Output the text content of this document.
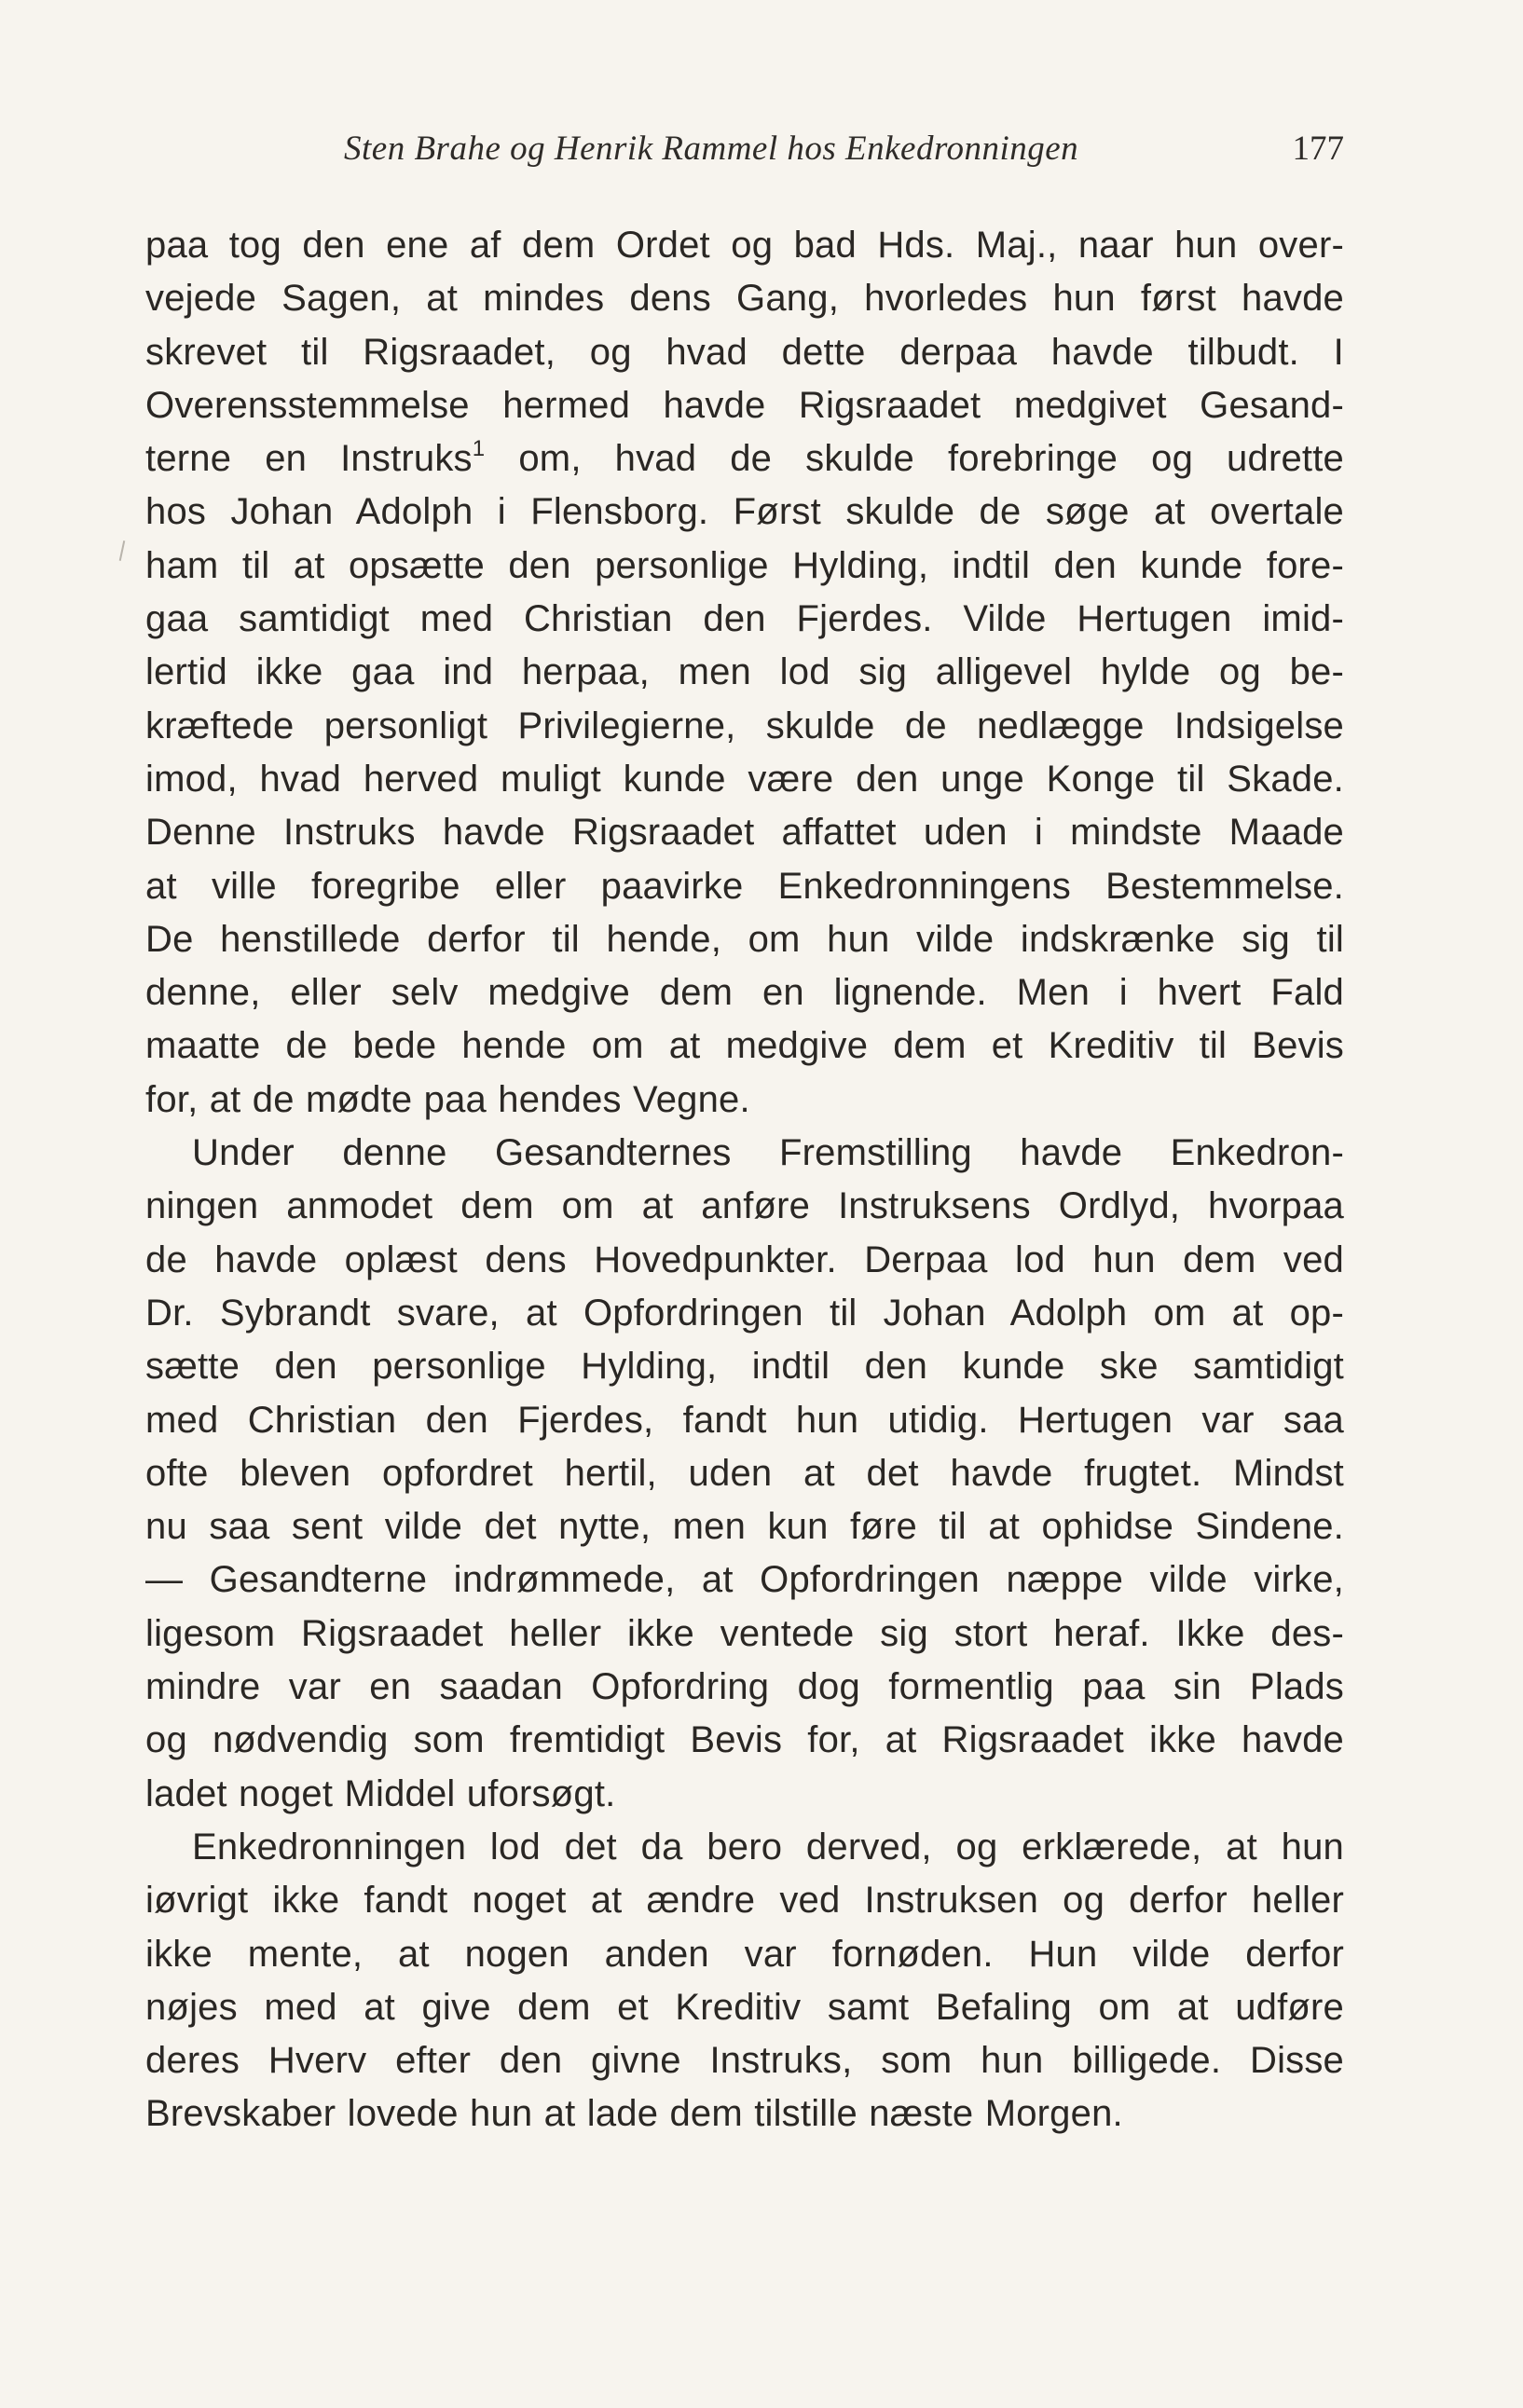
Sten Brahe og Henrik Rammel hos Enkedronningen	177
paa tog den ene af dem Ordet og bad Hds. Maj., naar hun over-
vejede Sagen, at mindes dens Gang, hvorledes hun først havde
skrevet til Rigsraadet, og hvad dette derpaa havde tilbudt. I
Overensstemmelse hermed havde Rigsraadet medgivet Gesand-
terne en Instruks$^1$ om, hvad de skulde forebringe og udrette
hos Johan Adolph i Flensborg. Først skulde de søge at overtale
ham til at opsætte den personlige Hylding, indtil den kunde fore-
gaa samtidigt med Christian den Fjerdes. Vilde Hertugen imid-
lertid ikke gaa ind herpaa, men lod sig alligevel hylde og be-
kræftede personligt Privilegierne, skulde de nedlægge Indsigelse
imod, hvad herved muligt kunde være den unge Konge til Skade.
Denne Instruks havde Rigsraadet affattet uden i mindste Maade
at ville foregribe eller paavirke Enkedronningens Bestemmelse.
De henstillede derfor til hende, om hun vilde indskrænke sig til
denne, eller selv medgive dem en lignende. Men i hvert Fald
maatte de bede hende om at medgive dem et Kreditiv til Bevis
for, at de mødte paa hendes Vegne.
Under denne Gesandternes Fremstilling havde Enkedron-
ningen anmodet dem om at anføre Instruksens Ordlyd, hvorpaa
de havde oplæst dens Hovedpunkter. Derpaa lod hun dem ved
Dr. Sybrandt svare, at Opfordringen til Johan Adolph om at op-
sætte den personlige Hylding, indtil den kunde ske samtidigt
med Christian den Fjerdes, fandt hun utidig. Hertugen var saa
ofte bleven opfordret hertil, uden at det havde frugtet. Mindst
nu saa sent vilde det nytte, men kun føre til at ophidse Sindene.
— Gesandterne indrømmede, at Opfordringen næppe vilde virke,
ligesom Rigsraadet heller ikke ventede sig stort heraf. Ikke des-
mindre var en saadan Opfordring dog formentlig paa sin Plads
og nødvendig som fremtidigt Bevis for, at Rigsraadet ikke havde
ladet noget Middel uforsøgt.
Enkedronningen lod det da bero derved, og erklærede, at hun
iøvrigt ikke fandt noget at ændre ved Instruksen og derfor heller
ikke mente, at nogen anden var fornøden. Hun vilde derfor
nøjes med at give dem et Kreditiv samt Befaling om at udføre
deres Hverv efter den givne Instruks, som hun billigede. Disse
Brevskaber lovede hun at lade dem tilstille næste Morgen.
